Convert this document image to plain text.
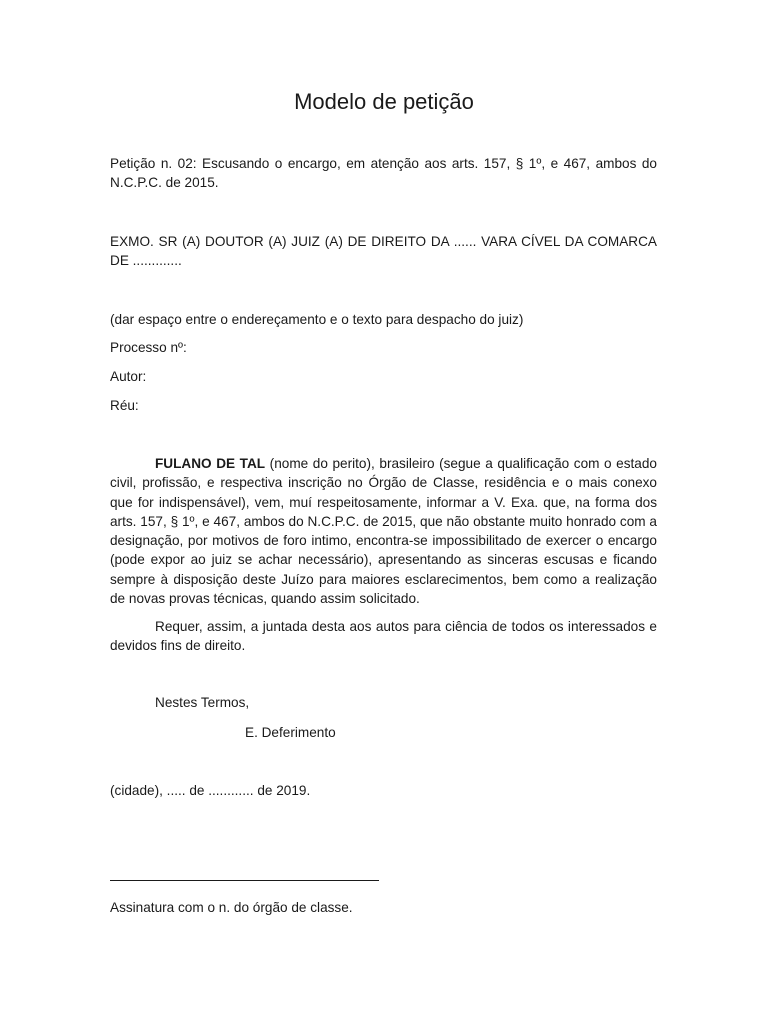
Modelo de petição
Petição n. 02: Escusando o encargo, em atenção aos arts. 157, § 1º, e 467, ambos do N.C.P.C. de 2015.
EXMO. SR (A) DOUTOR (A) JUIZ (A) DE DIREITO DA ...... VARA CÍVEL DA COMARCA DE .............
(dar espaço entre o endereçamento e o texto para despacho do juiz)
Processo nº:
Autor:
Réu:
FULANO DE TAL (nome do perito), brasileiro (segue a qualificação com o estado civil, profissão, e respectiva inscrição no Órgão de Classe, residência e o mais conexo que for indispensável), vem, muí respeitosamente, informar a V. Exa. que, na forma dos arts. 157, § 1º, e 467, ambos do N.C.P.C. de 2015, que não obstante muito honrado com a designação, por motivos de foro intimo, encontra-se impossibilitado de exercer o encargo (pode expor ao juiz se achar necessário), apresentando as sinceras escusas e ficando sempre à disposição deste Juízo para maiores esclarecimentos, bem como a realização de novas provas técnicas, quando assim solicitado.
Requer, assim, a juntada desta aos autos para ciência de todos os interessados e devidos fins de direito.
Nestes Termos,
E. Deferimento
(cidade), ..... de ............ de 2019.
Assinatura com o n. do órgão de classe.
